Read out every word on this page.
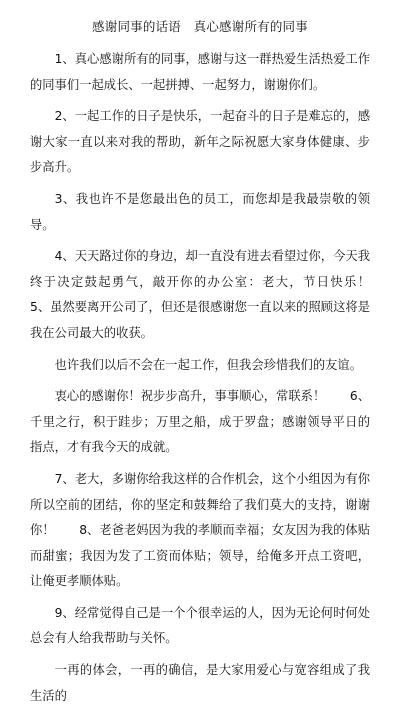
感谢同事的话语　真心感谢所有的同事

1、真心感谢所有的同事，感谢与这一群热爱生活热爱工作的同事们一起成长、一起拼搏、一起努力，谢谢你们。

2、一起工作的日子是快乐，一起奋斗的日子是难忘的，感谢大家一直以来对我的帮助，新年之际祝愿大家身体健康、步步高升。

3、我也许不是您最出色的员工，而您却是我最崇敬的领导。

4、天天路过你的身边，却一直没有进去看望过你，今天我终于决定鼓起勇气，敲开你的办公室：老大，节日快乐！　　5、虽然要离开公司了，但还是很感谢您一直以来的照顾这将是我在公司最大的收获。

也许我们以后不会在一起工作，但我会珍惜我们的友谊。

衷心的感谢你！祝步步高升，事事顺心，常联系！　　6、千里之行，积于跬步；万里之船，成于罗盘；感谢领导平日的指点，才有我今天的成就。

7、老大，多谢你给我这样的合作机会，这个小组因为有你所以空前的团结，你的坚定和鼓舞给了我们莫大的支持，谢谢你！　　8、老爸老妈因为我的孝顺而幸福；女友因为我的体贴而甜蜜；我因为发了工资而体贴；领导，给俺多开点工资吧，让俺更孝顺体贴。

9、经常觉得自己是一个个很幸运的人，因为无论何时何处总会有人给我帮助与关怀。

一再的体会，一再的确信，是大家用爱心与宽容组成了我生活的
